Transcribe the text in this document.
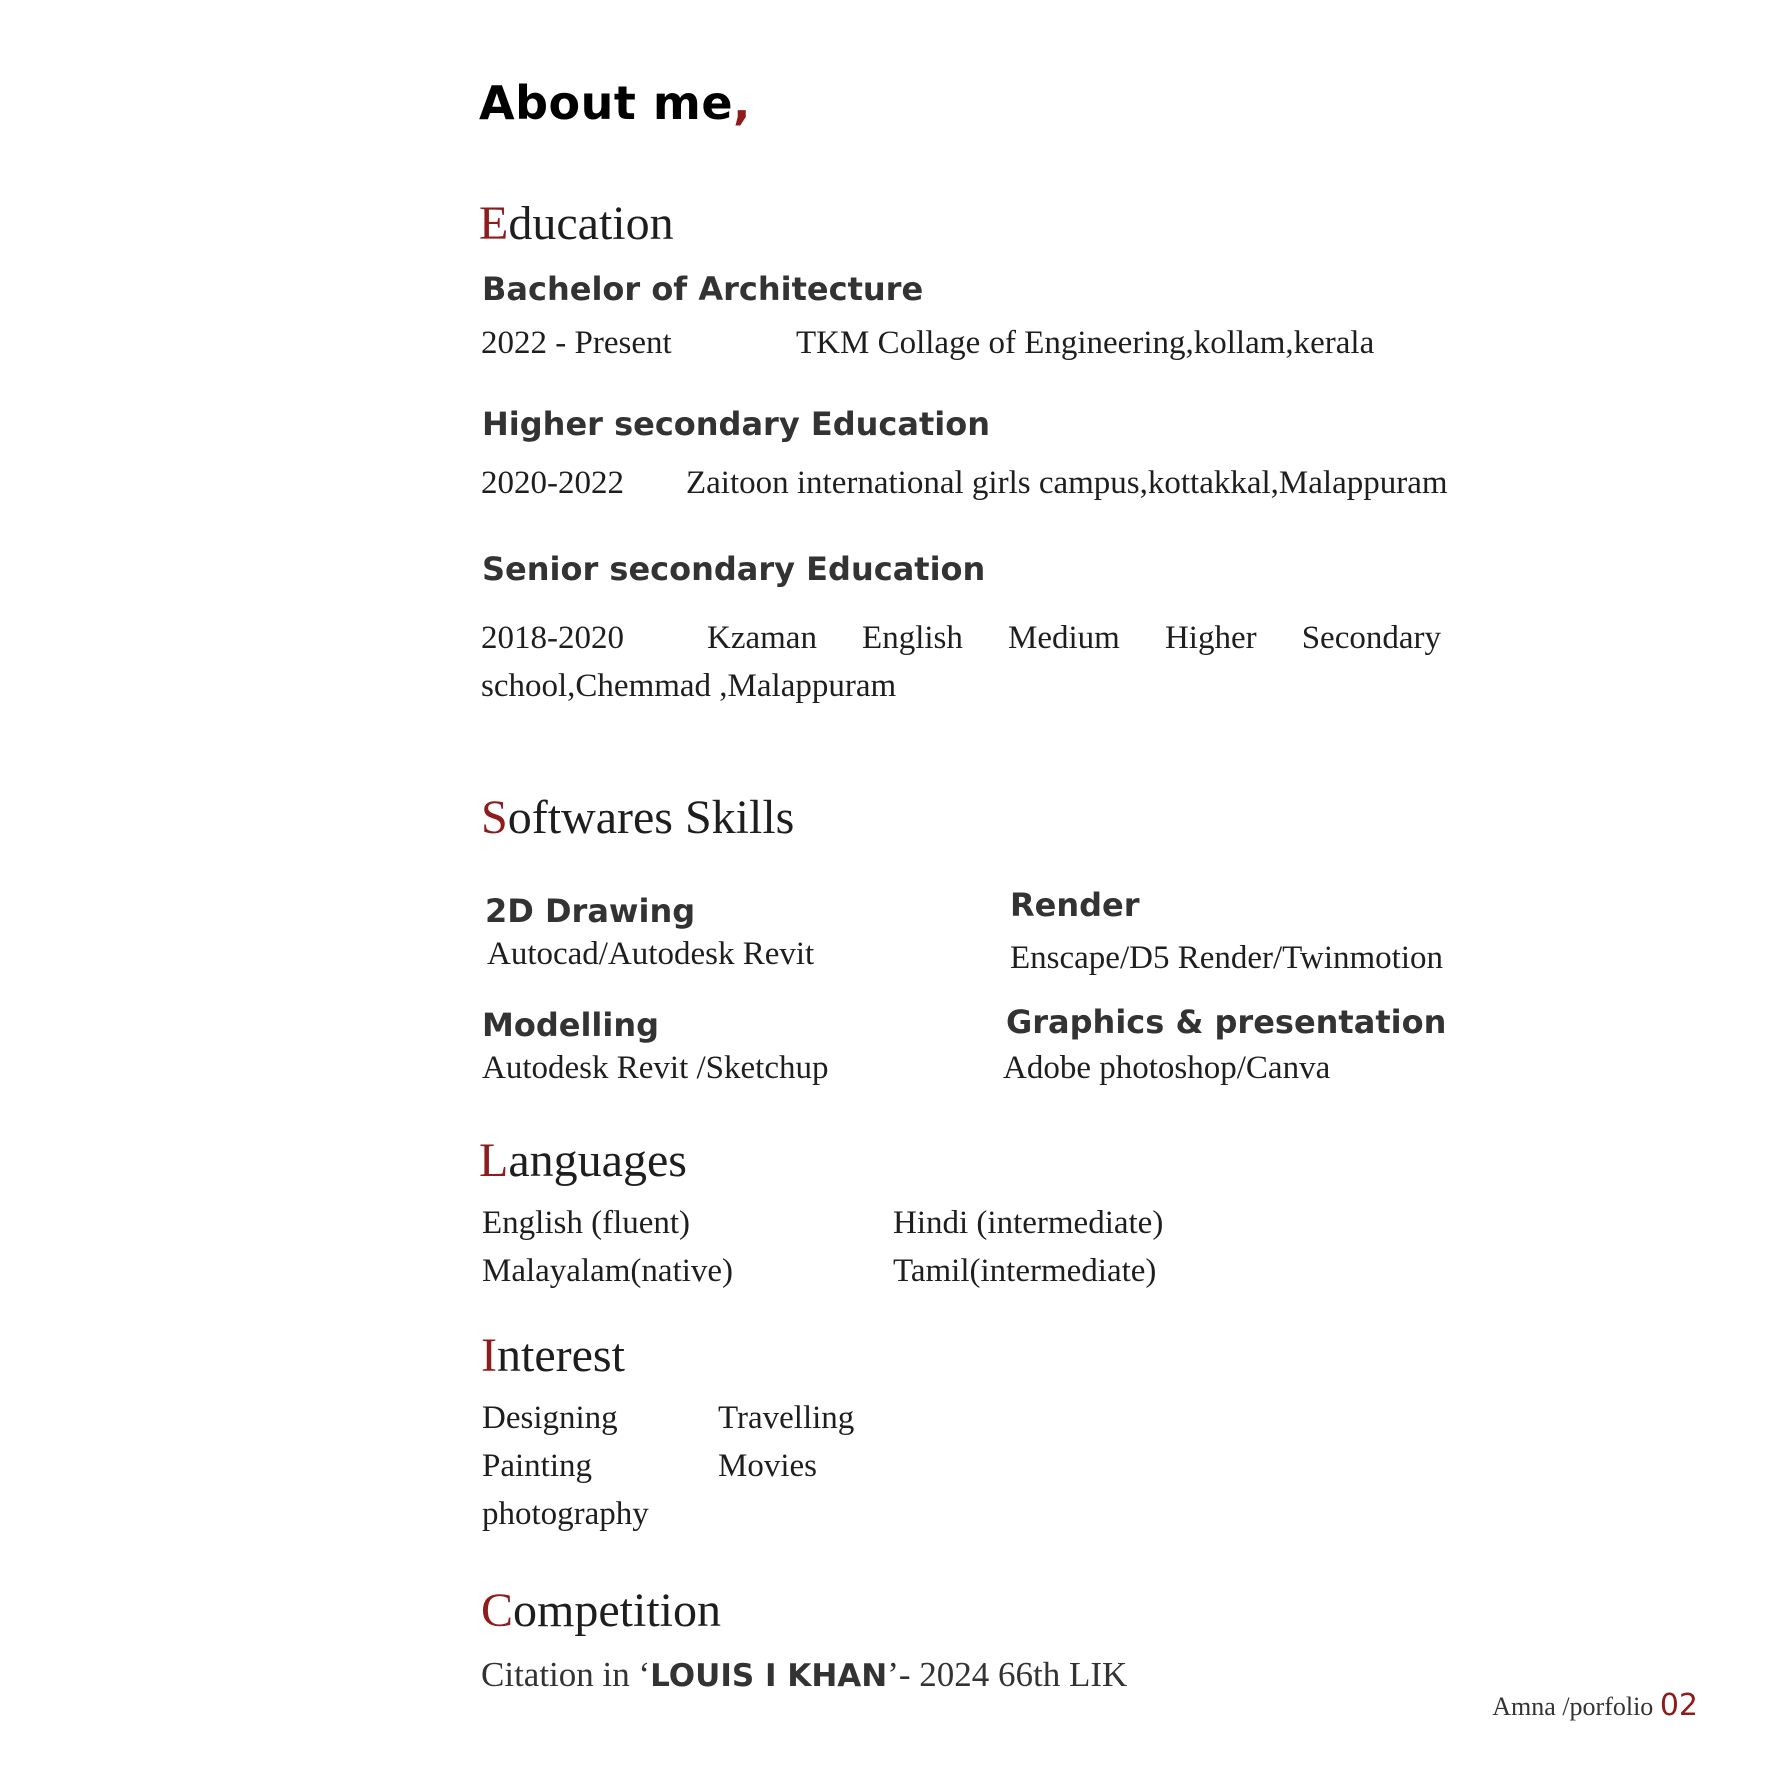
About me,
Education
Bachelor of Architecture
2022 - Present	TKM Collage of Engineering,kollam,kerala
Higher secondary Education
2020-2022 Zaitoon international girls campus,kottakkal,Malappuram
Senior secondary Education
2018-2020	Kzaman English Medium Higher Secondary school,Chemmad ,Malappuram
Softwares Skills
2D Drawing
Autocad/Autodesk Revit
Render
Enscape/D5 Render/Twinmotion
Modelling
Autodesk Revit /Sketchup
Graphics & presentation
Adobe photoshop/Canva
Languages
English (fluent)	Hindi (intermediate)
Malayalam(native)	Tamil(intermediate)
Interest
Designing	Travelling
Painting	Movies
photography
Competition
Citation in ‘LOUIS I KHAN’- 2024 66th LIK
Amna /porfolio 02
